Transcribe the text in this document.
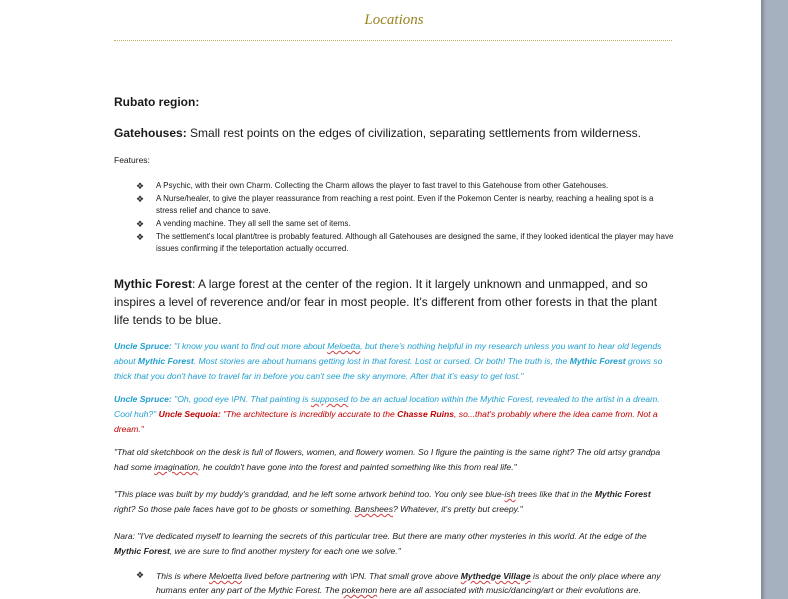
Locations

Rubato region:

Gatehouses: Small rest points on the edges of civilization, separating settlements from wilderness.

Features:

❖ A Psychic, with their own Charm. Collecting the Charm allows the player to fast travel to this Gatehouse from other Gatehouses.
❖ A Nurse/healer, to give the player reassurance from reaching a rest point. Even if the Pokemon Center is nearby, reaching a healing spot is a stress relief and chance to save.
❖ A vending machine. They all sell the same set of items.
❖ The settlement's local plant/tree is probably featured. Although all Gatehouses are designed the same, if they looked identical the player may have issues confirming if the teleportation actually occurred.

Mythic Forest: A large forest at the center of the region. It it largely unknown and unmapped, and so inspires a level of reverence and/or fear in most people. It's different from other forests in that the plant life tends to be blue.

Uncle Spruce: "I know you want to find out more about Meloetta, but there's nothing helpful in my research unless you want to hear old legends about Mythic Forest. Most stories are about humans getting lost in that forest. Lost or cursed. Or both! The truth is, the Mythic Forest grows so thick that you don't have to travel far in before you can't see the sky anymore. After that it's easy to get lost."

Uncle Spruce: "Oh, good eye \PN. That painting is supposed to be an actual location within the Mythic Forest, revealed to the artist in a dream. Cool huh?" Uncle Sequoia: "The architecture is incredibly accurate to the Chasse Ruins, so...that's probably where the idea came from. Not a dream."

"That old sketchbook on the desk is full of flowers, women, and flowery women. So I figure the painting is the same right? The old artsy grandpa had some imagination, he couldn't have gone into the forest and painted something like this from real life."

"This place was built by my buddy's granddad, and he left some artwork behind too. You only see blue-ish trees like that in the Mythic Forest right? So those pale faces have got to be ghosts or something. Banshees? Whatever, it's pretty but creepy."

Nara: "I've dedicated myself to learning the secrets of this particular tree. But there are many other mysteries in this world. At the edge of the Mythic Forest, we are sure to find another mystery for each one we solve."

❖ This is where Meloetta lived before partnering with \PN. That small grove above Mythedge Village is about the only place where any humans enter any part of the Mythic Forest. The pokemon here are all associated with music/dancing/art or their evolutions are.
